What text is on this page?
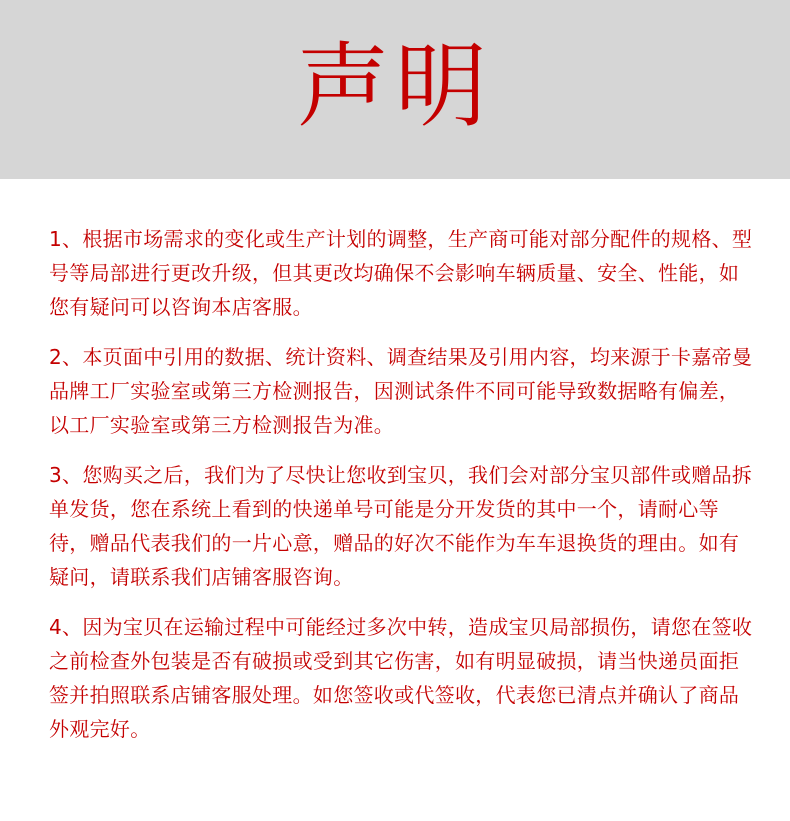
声明

1、根据市场需求的变化或生产计划的调整，生产商可能对部分配件的规格、型号等局部进行更改升级，但其更改均确保不会影响车辆质量、安全、性能，如您有疑问可以咨询本店客服。

2、本页面中引用的数据、统计资料、调查结果及引用内容，均来源于卡嘉帝曼品牌工厂实验室或第三方检测报告，因测试条件不同可能导致数据略有偏差，以工厂实验室或第三方检测报告为准。

3、您购买之后，我们为了尽快让您收到宝贝，我们会对部分宝贝部件或赠品拆单发货，您在系统上看到的快递单号可能是分开发货的其中一个，请耐心等待，赠品代表我们的一片心意，赠品的好次不能作为车车退换货的理由。如有疑问，请联系我们店铺客服咨询。

4、因为宝贝在运输过程中可能经过多次中转，造成宝贝局部损伤，请您在签收之前检查外包装是否有破损或受到其它伤害，如有明显破损，请当快递员面拒签并拍照联系店铺客服处理。如您签收或代签收，代表您已清点并确认了商品外观完好。
